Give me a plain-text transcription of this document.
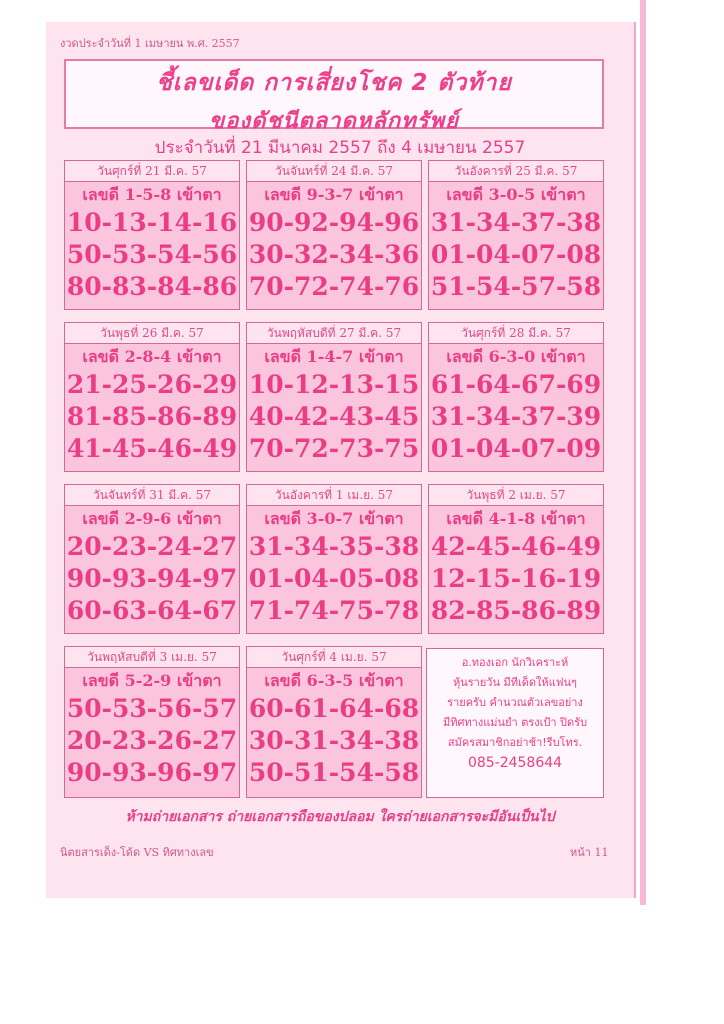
งวดประจำวันที่ 1 เมษายน พ.ศ. 2557
ชี้เลขเด็ด การเสี่ยงโชค 2 ตัวท้าย
ของดัชนีตลาดหลักทรัพย์
ประจำวันที่ 21 มีนาคม 2557 ถึง 4 เมษายน 2557
วันศุกร์ที่ 21 มี.ค. 57
เลขดี 1-5-8 เข้าตา
10-13-14-16
50-53-54-56
80-83-84-86
วันจันทร์ที่ 24 มี.ค. 57
เลขดี 9-3-7 เข้าตา
90-92-94-96
30-32-34-36
70-72-74-76
วันอังคารที่ 25 มี.ค. 57
เลขดี 3-0-5 เข้าตา
31-34-37-38
01-04-07-08
51-54-57-58
วันพุธที่ 26 มี.ค. 57
เลขดี 2-8-4 เข้าตา
21-25-26-29
81-85-86-89
41-45-46-49
วันพฤหัสบดีที่ 27 มี.ค. 57
เลขดี 1-4-7 เข้าตา
10-12-13-15
40-42-43-45
70-72-73-75
วันศุกร์ที่ 28 มี.ค. 57
เลขดี 6-3-0 เข้าตา
61-64-67-69
31-34-37-39
01-04-07-09
วันจันทร์ที่ 31 มี.ค. 57
เลขดี 2-9-6 เข้าตา
20-23-24-27
90-93-94-97
60-63-64-67
วันอังคารที่ 1 เม.ย. 57
เลขดี 3-0-7 เข้าตา
31-34-35-38
01-04-05-08
71-74-75-78
วันพุธที่ 2 เม.ย. 57
เลขดี 4-1-8 เข้าตา
42-45-46-49
12-15-16-19
82-85-86-89
วันพฤหัสบดีที่ 3 เม.ย. 57
เลขดี 5-2-9 เข้าตา
50-53-56-57
20-23-26-27
90-93-96-97
วันศุกร์ที่ 4 เม.ย. 57
เลขดี 6-3-5 เข้าตา
60-61-64-68
30-31-34-38
50-51-54-58
อ.ทองเอก นักวิเคราะห์
หุ้นรายวัน มีทีเด็ดให้แฟนๆ
รายครับ คำนวณตัวเลขอย่าง
มีทิศทางแม่นยำ ตรงเป้า ปิดรับ
สมัครสมาชิกอย่าช้า!รีบโทร.
085-2458644
ห้ามถ่ายเอกสาร ถ่ายเอกสารถือของปลอม ใครถ่ายเอกสารจะมีอันเป็นไป
นิตยสารเด็ง-โด้ด VS ทิศทางเลข	หน้า 11
